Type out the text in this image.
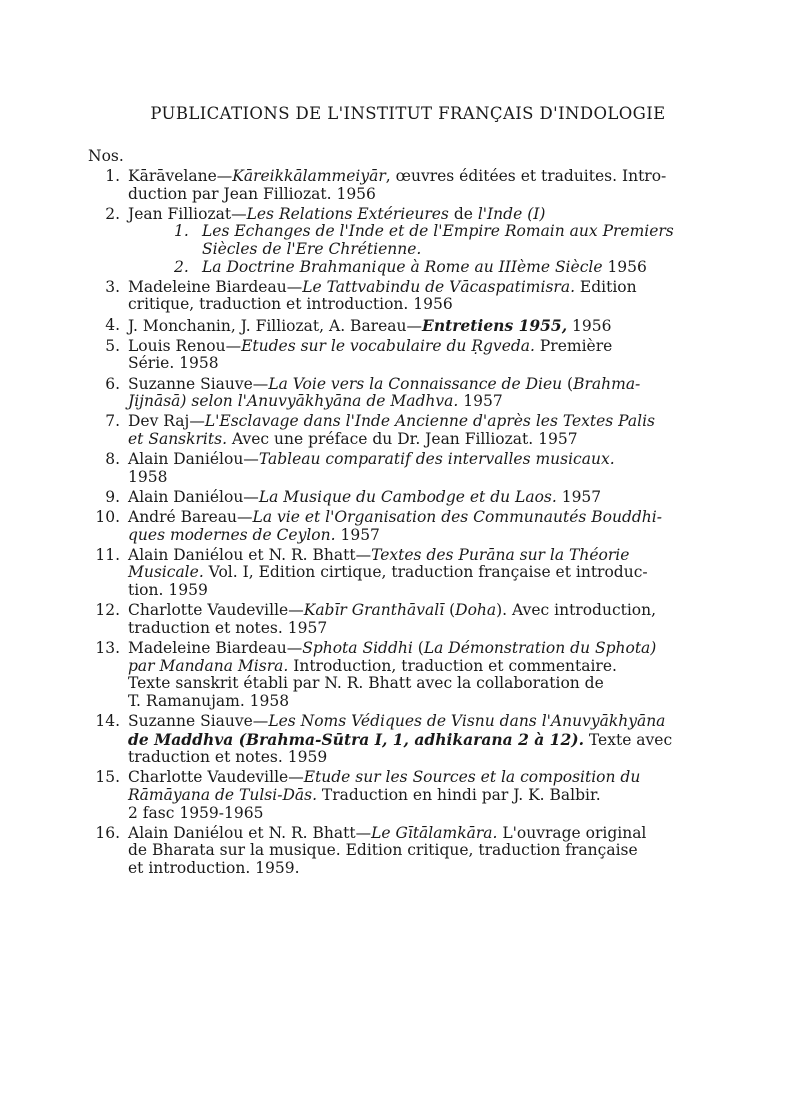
PUBLICATIONS DE L'INSTITUT FRANÇAIS D'INDOLOGIE
Nos.
1. Kārāvelane—Kāreikkālammeiyār, œuvres éditées et traduites. Intro-
duction par Jean Filliozat. 1956
2. Jean Filliozat—Les Relations Extérieures de l'Inde (I)
1. Les Echanges de l'Inde et de l'Empire Romain aux Premiers
Siècles de l'Ere Chrétienne.
2. La Doctrine Brahmanique à Rome au IIIème Siècle 1956
3. Madeleine Biardeau—Le Tattvabindu de Vācaspatimisra. Edition
critique, traduction et introduction. 1956
4. J. Monchanin, J. Filliozat, A. Bareau—Entretiens 1955, 1956
5. Louis Renou—Etudes sur le vocabulaire du Ṛgveda. Première
Série. 1958
6. Suzanne Siauve—La Voie vers la Connaissance de Dieu (Brahma-
Jijnāsā) selon l'Anuvyākhyāna de Madhva. 1957
7. Dev Raj—L'Esclavage dans l'Inde Ancienne d'après les Textes Palis
et Sanskrits. Avec une préface du Dr. Jean Filliozat. 1957
8. Alain Daniélou—Tableau comparatif des intervalles musicaux.
1958
9. Alain Daniélou—La Musique du Cambodge et du Laos. 1957
10. André Bareau—La vie et l'Organisation des Communautés Bouddhi-
ques modernes de Ceylon. 1957
11. Alain Daniélou et N. R. Bhatt—Textes des Purāna sur la Théorie
Musicale. Vol. I, Edition cirtique, traduction française et introduc-
tion. 1959
12. Charlotte Vaudeville—Kabīr Granthāvalī (Doha). Avec introduction,
traduction et notes. 1957
13. Madeleine Biardeau—Sphota Siddhi (La Démonstration du Sphota)
par Mandana Misra. Introduction, traduction et commentaire.
Texte sanskrit établi par N. R. Bhatt avec la collaboration de
T. Ramanujam. 1958
14. Suzanne Siauve—Les Noms Védiques de Visnu dans l'Anuvyākhyāna
de Maddhva (Brahma-Sūtra I, 1, adhikarana 2 à 12). Texte avec
traduction et notes. 1959
15. Charlotte Vaudeville—Etude sur les Sources et la composition du
Rāmāyana de Tulsi-Dās. Traduction en hindi par J. K. Balbir.
2 fasc 1959-1965
16. Alain Daniélou et N. R. Bhatt—Le Gītālamkāra. L'ouvrage original
de Bharata sur la musique. Edition critique, traduction française
et introduction. 1959.
